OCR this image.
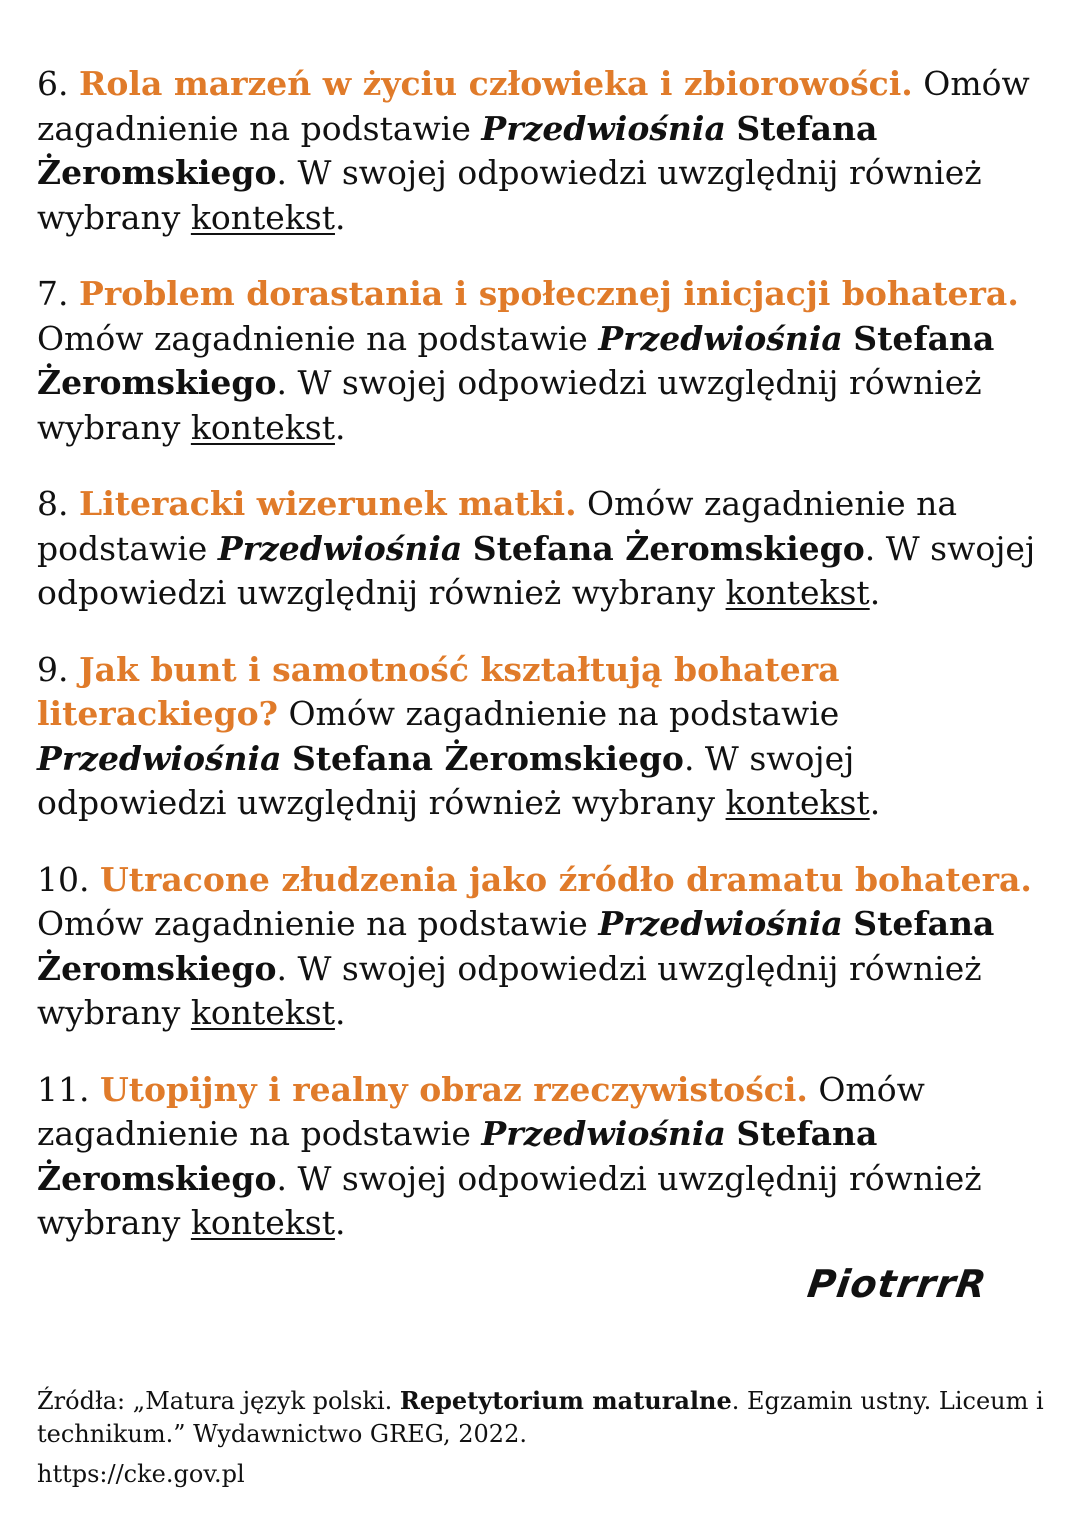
6. Rola marzeń w życiu człowieka i zbiorowości. Omów zagadnienie na podstawie Przedwiośnia Stefana Żeromskiego. W swojej odpowiedzi uwzględnij również wybrany kontekst.

7. Problem dorastania i społecznej inicjacji bohatera. Omów zagadnienie na podstawie Przedwiośnia Stefana Żeromskiego. W swojej odpowiedzi uwzględnij również wybrany kontekst.

8. Literacki wizerunek matki. Omów zagadnienie na podstawie Przedwiośnia Stefana Żeromskiego. W swojej odpowiedzi uwzględnij również wybrany kontekst.

9. Jak bunt i samotność kształtują bohatera literackiego? Omów zagadnienie na podstawie Przedwiośnia Stefana Żeromskiego. W swojej odpowiedzi uwzględnij również wybrany kontekst.

10. Utracone złudzenia jako źródło dramatu bohatera. Omów zagadnienie na podstawie Przedwiośnia Stefana Żeromskiego. W swojej odpowiedzi uwzględnij również wybrany kontekst.

11. Utopijny i realny obraz rzeczywistości. Omów zagadnienie na podstawie Przedwiośnia Stefana Żeromskiego. W swojej odpowiedzi uwzględnij również wybrany kontekst.

PiotrrrR
Źródła: „Matura język polski. Repetytorium maturalne. Egzamin ustny. Liceum i technikum.” Wydawnictwo GREG, 2022.
https://cke.gov.pl
